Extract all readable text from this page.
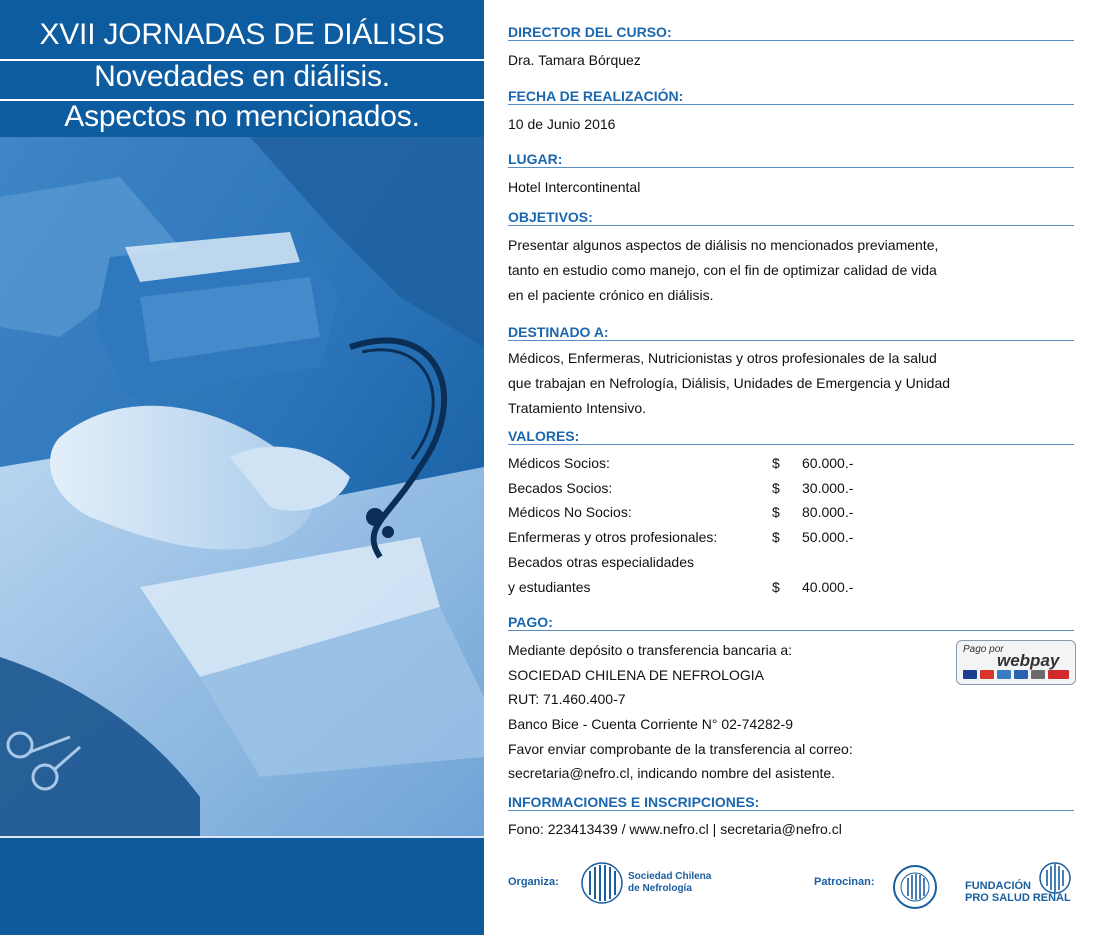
XVII JORNADAS DE DIÁLISIS
Novedades en diálisis.
Aspectos no mencionados.
DIRECTOR DEL CURSO:
Dra. Tamara Bórquez
FECHA DE REALIZACIÓN:
10 de Junio 2016
LUGAR:
Hotel Intercontinental
OBJETIVOS:
Presentar algunos aspectos de diálisis no mencionados previamente,
tanto en estudio como manejo, con el fin de optimizar calidad de vida
en el paciente crónico en diálisis.
DESTINADO A:
Médicos, Enfermeras, Nutricionistas y otros profesionales de la salud
que trabajan en Nefrología, Diálisis, Unidades de Emergencia y Unidad
Tratamiento Intensivo.
VALORES:
Médicos Socios:	$ 60.000.-
Becados Socios:	$ 30.000.-
Médicos No Socios:	$ 80.000.-
Enfermeras y otros profesionales:	$ 50.000.-
Becados otras especialidades
y estudiantes	$ 40.000.-
PAGO:
Mediante depósito o transferencia bancaria a:
SOCIEDAD CHILENA DE NEFROLOGIA
RUT: 71.460.400-7
Banco Bice - Cuenta Corriente N° 02-74282-9
Favor enviar comprobante de la transferencia al correo:
secretaria@nefro.cl, indicando nombre del asistente.
Pago por
webpay
INFORMACIONES E INSCRIPCIONES:
Fono: 223413439 / www.nefro.cl | secretaria@nefro.cl
Organiza:	Sociedad Chilena
de Nefrología
Patrocinan:	FUNDACIÓN
PRO SALUD RENAL
